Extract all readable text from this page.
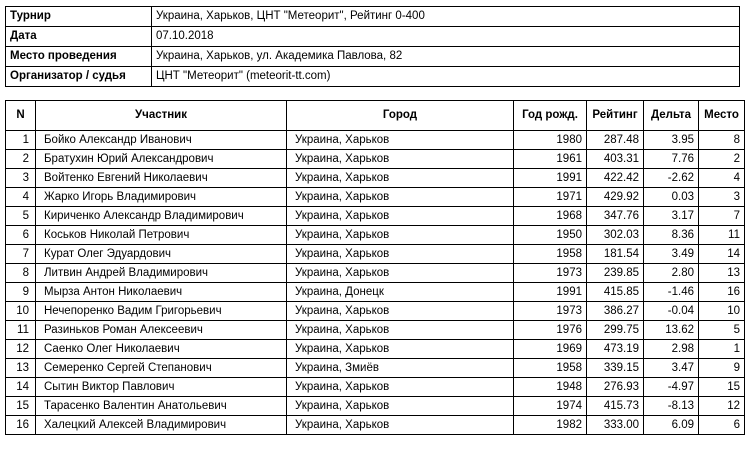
Турнир	Украина, Харьков, ЦНТ "Метеорит", Рейтинг 0-400
Дата	07.10.2018
Место проведения	Украина, Харьков, ул. Академика Павлова, 82
Организатор / судья	ЦНТ "Метеорит" (meteorit-tt.com)
N	Участник	Город	Год рожд.	Рейтинг	Дельта	Место
1	Бойко Александр Иванович	Украина, Харьков	1980	287.48	3.95	8
2	Братухин Юрий Александрович	Украина, Харьков	1961	403.31	7.76	2
3	Войтенко Евгений Николаевич	Украина, Харьков	1991	422.42	-2.62	4
4	Жарко Игорь Владимирович	Украина, Харьков	1971	429.92	0.03	3
5	Кириченко Александр Владимирович	Украина, Харьков	1968	347.76	3.17	7
6	Коськов Николай Петрович	Украина, Харьков	1950	302.03	8.36	11
7	Курат Олег Эдуардович	Украина, Харьков	1958	181.54	3.49	14
8	Литвин Андрей Владимирович	Украина, Харьков	1973	239.85	2.80	13
9	Мырза Антон Николаевич	Украина, Донецк	1991	415.85	-1.46	16
10	Нечепоренко Вадим Григорьевич	Украина, Харьков	1973	386.27	-0.04	10
11	Разиньков Роман Алексеевич	Украина, Харьков	1976	299.75	13.62	5
12	Саенко Олег Николаевич	Украина, Харьков	1969	473.19	2.98	1
13	Семеренко Сергей Степанович	Украина, Змиёв	1958	339.15	3.47	9
14	Сытин Виктор Павлович	Украина, Харьков	1948	276.93	-4.97	15
15	Тарасенко Валентин Анатольевич	Украина, Харьков	1974	415.73	-8.13	12
16	Халецкий Алексей Владимирович	Украина, Харьков	1982	333.00	6.09	6
